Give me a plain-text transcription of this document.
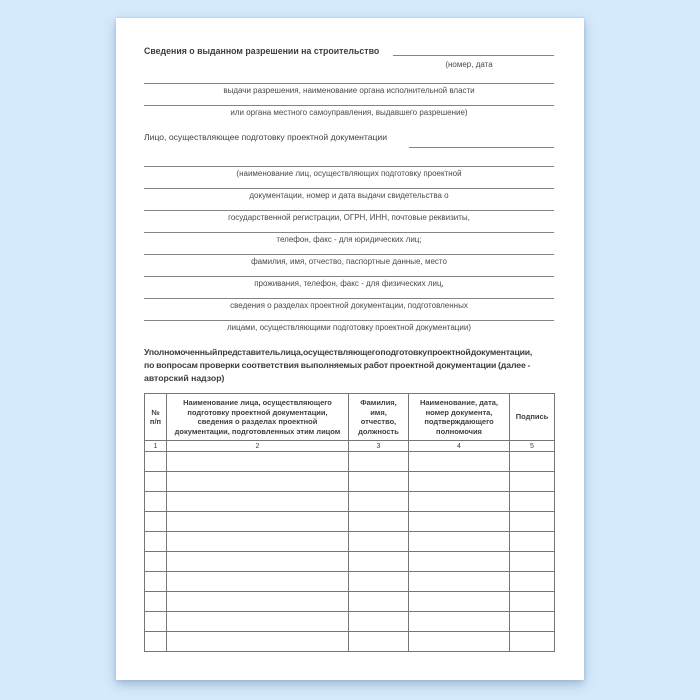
Сведения о выданном разрешении на строительство
(номер, дата
выдачи разрешения, наименование органа исполнительной власти
или органа местного самоуправления, выдавшего разрешение)
Лицо, осуществляющее подготовку проектной документации
(наименование лиц, осуществляющих подготовку проектной
документации, номер и дата выдачи свидетельства о
государственной регистрации, ОГРН, ИНН, почтовые реквизиты,
телефон, факс - для юридических лиц;
фамилия, имя, отчество, паспортные данные, место
проживания, телефон, факс - для физических лиц,
сведения о разделах проектной документации, подготовленных
лицами, осуществляющими подготовку проектной документации)
Уполномоченный представитель лица, осуществляющего подготовку проектной документации,
по вопросам проверки соответствия выполняемых работ проектной документации (далее -
авторский надзор)
№ п/п	Наименование лица, осуществляющего подготовку проектной документации, сведения о разделах проектной документации, подготовленных этим лицом	Фамилия, имя, отчество, должность	Наименование, дата, номер документа, подтверждающего полномочия	Подпись
1	2	3	4	5
